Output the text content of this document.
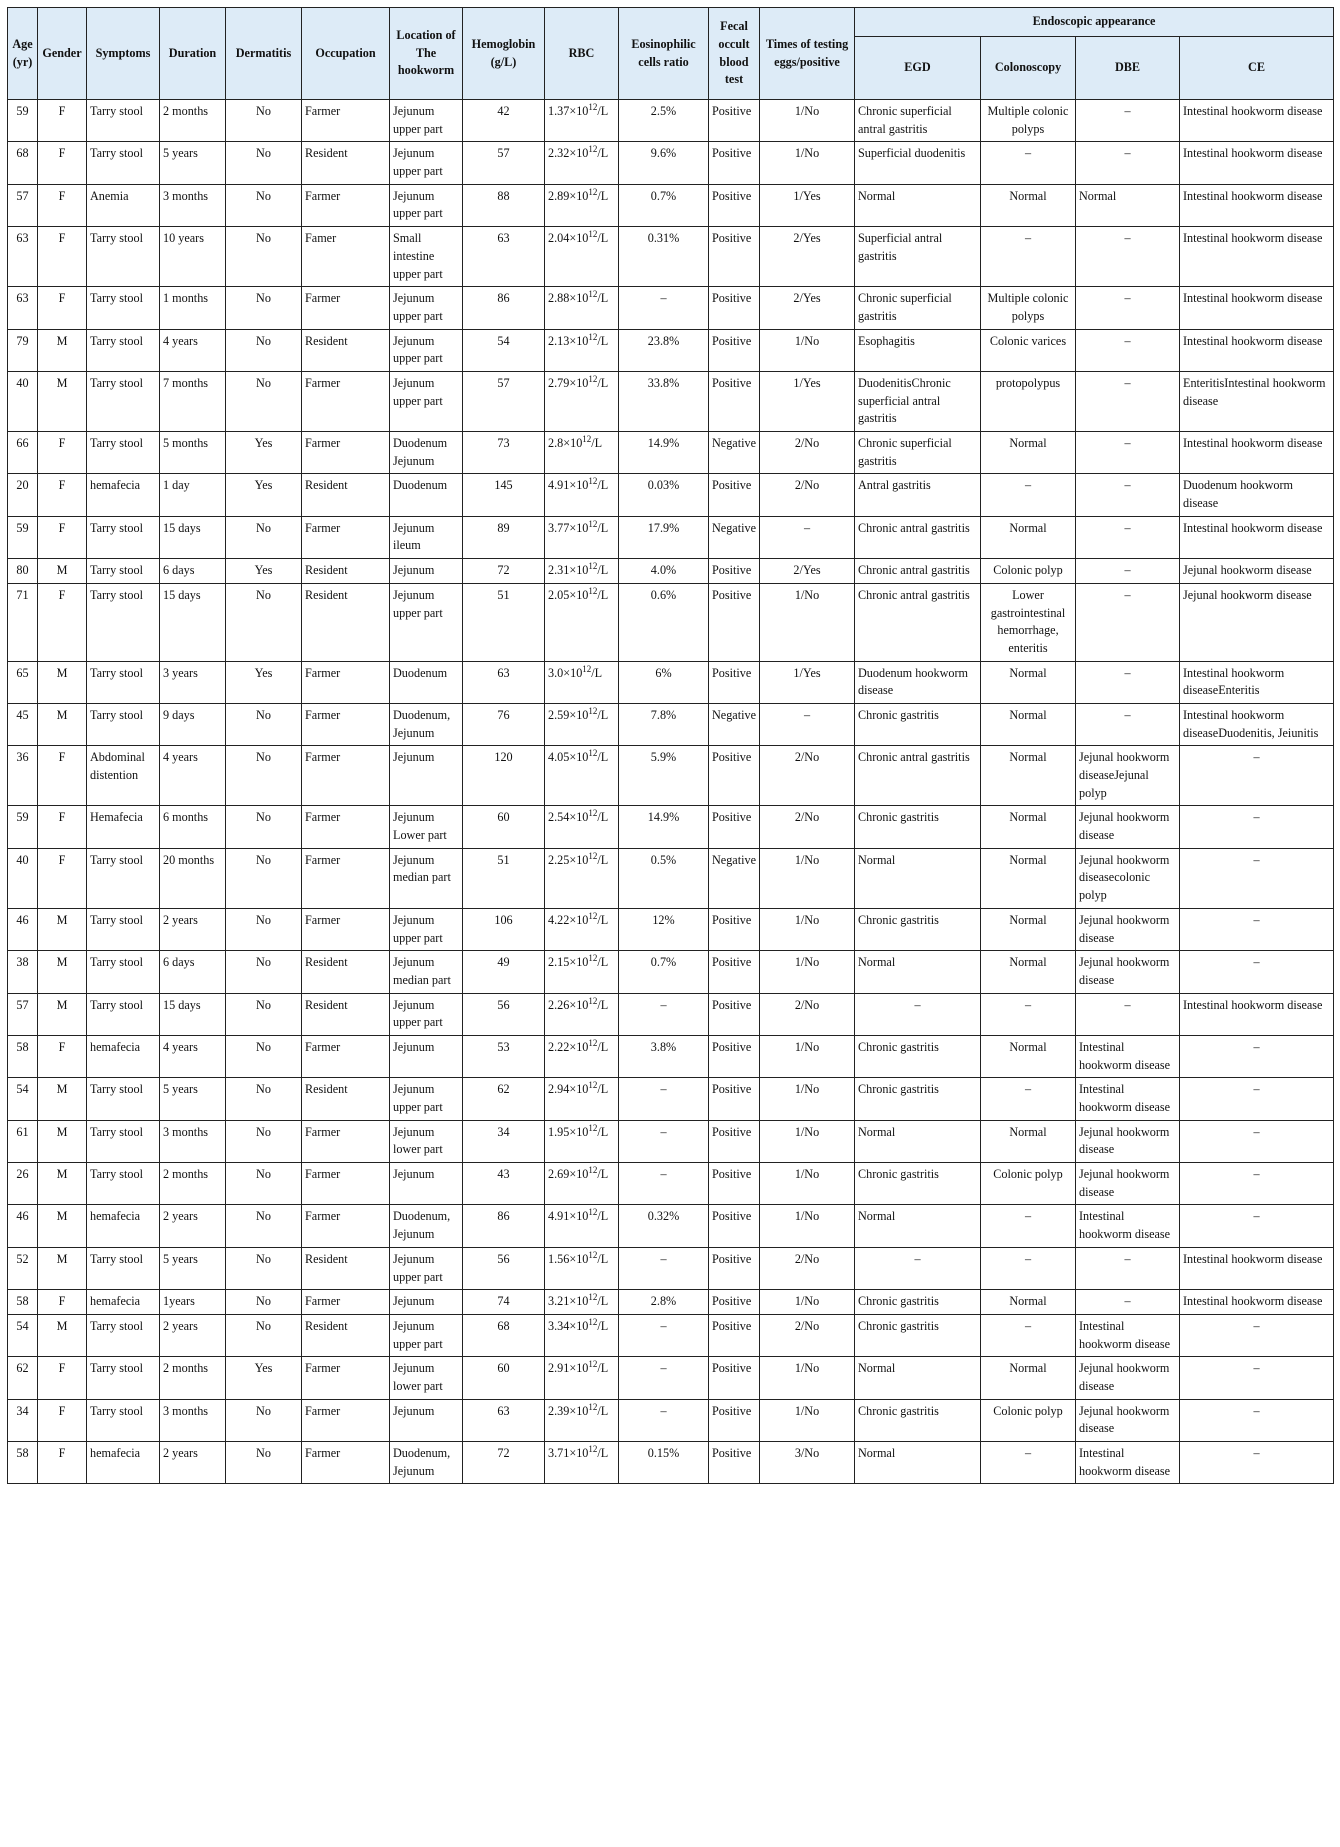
Age (yr)	Gender	Symptoms	Duration	Dermatitis	Occupation	Location of The hookworm	Hemoglobin (g/L)	RBC	Eosinophilic cells ratio	Fecal occult blood test	Times of testing eggs/positive	Endoscopic appearance			
												EGD	Colonoscopy	DBE	CE
59	F	Tarry stool	2 months	No	Farmer	Jejunum upper part	42	$1.37\times 10^{12}/L$	2.5%	Positive	1/No	Chronic superficial antral gastritis	Multiple colonic polyps	–	Intestinal hookworm disease
68	F	Tarry stool	5 years	No	Resident	Jejunum upper part	57	$2.32\times 10^{12}/L$	9.6%	Positive	1/No	Superficial duodenitis	–	–	Intestinal hookworm disease
57	F	Anemia	3 months	No	Farmer	Jejunum upper part	88	$2.89\times 10^{12}/L$	0.7%	Positive	1/Yes	Normal	Normal	Normal	Intestinal hookworm disease
63	F	Tarry stool	10 years	No	Famer	Small intestine upper part	63	$2.04\times 10^{12}/L$	0.31%	Positive	2/Yes	Superficial antral gastritis	–	–	Intestinal hookworm disease
63	F	Tarry stool	1 months	No	Farmer	Jejunum upper part	86	$2.88\times 10^{12}/L$	–	Positive	2/Yes	Chronic superficial gastritis	Multiple colonic polyps	–	Intestinal hookworm disease
79	M	Tarry stool	4 years	No	Resident	Jejunum upper part	54	$2.13\times 10^{12}/L$	23.8%	Positive	1/No	Esophagitis	Colonic varices	–	Intestinal hookworm disease
40	M	Tarry stool	7 months	No	Farmer	Jejunum upper part	57	$2.79\times 10^{12}/L$	33.8%	Positive	1/Yes	DuodenitisChronic superficial antral gastritis	protopolypus	–	EnteritisIntestinal hookworm disease
66	F	Tarry stool	5 months	Yes	Farmer	Duodenum Jejunum	73	$2.8\times 10^{12}/L$	14.9%	Negative	2/No	Chronic superficial gastritis	Normal	–	Intestinal hookworm disease
20	F	hemafecia	1 day	Yes	Resident	Duodenum	145	$4.91\times 10^{12}/L$	0.03%	Positive	2/No	Antral gastritis	–	–	Duodenum hookworm disease
59	F	Tarry stool	15 days	No	Farmer	Jejunum ileum	89	$3.77\times 10^{12}/L$	17.9%	Negative	–	Chronic antral gastritis	Normal	–	Intestinal hookworm disease
80	M	Tarry stool	6 days	Yes	Resident	Jejunum	72	$2.31\times 10^{12}/L$	4.0%	Positive	2/Yes	Chronic antral gastritis	Colonic polyp	–	Jejunal hookworm disease
71	F	Tarry stool	15 days	No	Resident	Jejunum upper part	51	$2.05\times 10^{12}/L$	0.6%	Positive	1/No	Chronic antral gastritis	Lower gastrointestinal hemorrhage, enteritis	–	Jejunal hookworm disease
65	M	Tarry stool	3 years	Yes	Farmer	Duodenum	63	$3.0\times 10^{12}/L$	6%	Positive	1/Yes	Duodenum hookworm disease	Normal	–	Intestinal hookworm diseaseEnteritis
45	M	Tarry stool	9 days	No	Farmer	Duodenum, Jejunum	76	$2.59\times 10^{12}/L$	7.8%	Negative	–	Chronic gastritis	Normal	–	Intestinal hookworm diseaseDuodenitis, Jeiunitis
36	F	Abdominal distention	4 years	No	Farmer	Jejunum	120	$4.05\times 10^{12}/L$	5.9%	Positive	2/No	Chronic antral gastritis	Normal	Jejunal hookworm diseaseJejunal polyp	–
59	F	Hemafecia	6 months	No	Farmer	Jejunum Lower part	60	$2.54\times 10^{12}/L$	14.9%	Positive	2/No	Chronic gastritis	Normal	Jejunal hookworm disease	–
40	F	Tarry stool	20 months	No	Farmer	Jejunum median part	51	$2.25\times 10^{12}/L$	0.5%	Negative	1/No	Normal	Normal	Jejunal hookworm diseasecolonic polyp	–
46	M	Tarry stool	2 years	No	Farmer	Jejunum upper part	106	$4.22\times 10^{12}/L$	12%	Positive	1/No	Chronic gastritis	Normal	Jejunal hookworm disease	–
38	M	Tarry stool	6 days	No	Resident	Jejunum median part	49	$2.15\times 10^{12}/L$	0.7%	Positive	1/No	Normal	Normal	Jejunal hookworm disease	–
57	M	Tarry stool	15 days	No	Resident	Jejunum upper part	56	$2.26\times 10^{12}/L$	–	Positive	2/No	–	–	–	Intestinal hookworm disease
58	F	hemafecia	4 years	No	Farmer	Jejunum	53	$2.22\times 10^{12}/L$	3.8%	Positive	1/No	Chronic gastritis	Normal	Intestinal hookworm disease	–
54	M	Tarry stool	5 years	No	Resident	Jejunum upper part	62	$2.94\times 10^{12}/L$	–	Positive	1/No	Chronic gastritis	–	Intestinal hookworm disease	–
61	M	Tarry stool	3 months	No	Farmer	Jejunum lower part	34	$1.95\times 10^{12}/L$	–	Positive	1/No	Normal	Normal	Jejunal hookworm disease	–
26	M	Tarry stool	2 months	No	Farmer	Jejunum	43	$2.69\times 10^{12}/L$	–	Positive	1/No	Chronic gastritis	Colonic polyp	Jejunal hookworm disease	–
46	M	hemafecia	2 years	No	Farmer	Duodenum, Jejunum	86	$4.91\times 10^{12}/L$	0.32%	Positive	1/No	Normal	–	Intestinal hookworm disease	–
52	M	Tarry stool	5 years	No	Resident	Jejunum upper part	56	$1.56\times 10^{12}/L$	–	Positive	2/No	–	–	–	Intestinal hookworm disease
58	F	hemafecia	1years	No	Farmer	Jejunum	74	$3.21\times 10^{12}/L$	2.8%	Positive	1/No	Chronic gastritis	Normal	–	Intestinal hookworm disease
54	M	Tarry stool	2 years	No	Resident	Jejunum upper part	68	$3.34\times 10^{12}/L$	–	Positive	2/No	Chronic gastritis	–	Intestinal hookworm disease	–
62	F	Tarry stool	2 months	Yes	Farmer	Jejunum lower part	60	$2.91\times 10^{12}/L$	–	Positive	1/No	Normal	Normal	Jejunal hookworm disease	–
34	F	Tarry stool	3 months	No	Farmer	Jejunum	63	$2.39\times 10^{12}/L$	–	Positive	1/No	Chronic gastritis	Colonic polyp	Jejunal hookworm disease	–
58	F	hemafecia	2 years	No	Farmer	Duodenum, Jejunum	72	$3.71\times 10^{12}/L$	0.15%	Positive	3/No	Normal	–	Intestinal hookworm disease	–
